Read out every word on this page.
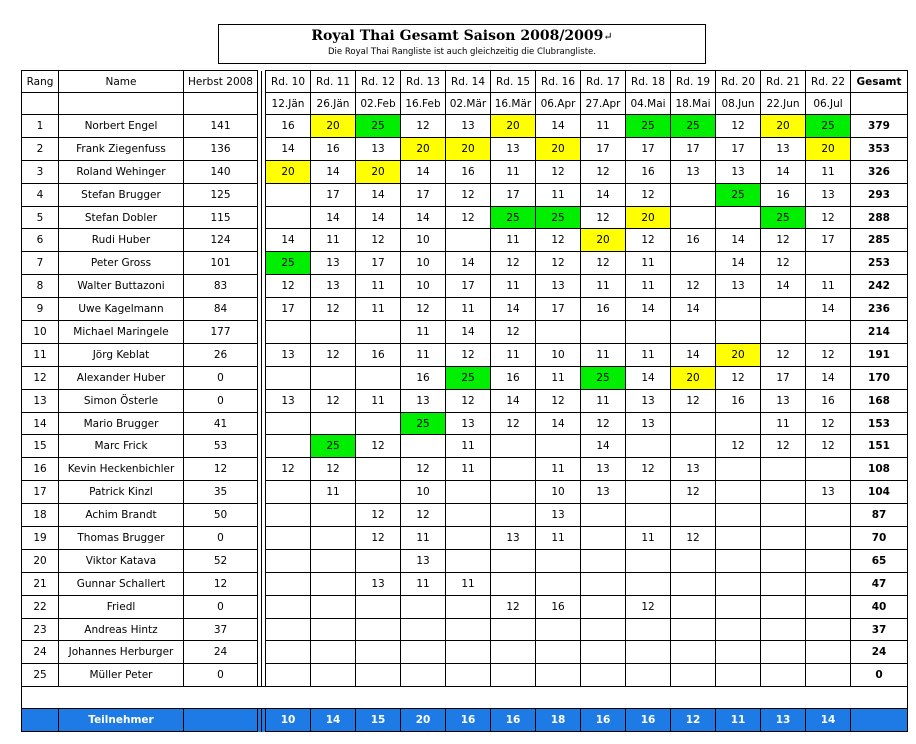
Royal Thai Gesamt Saison 2008/2009↵
Die Royal Thai Rangliste ist auch gleichzeitig die Clubrangliste.
Rang	Name	Herbst 2008			Rd. 10	Rd. 11	Rd. 12	Rd. 13	Rd. 14	Rd. 15	Rd. 16	Rd. 17	Rd. 18	Rd. 19	Rd. 20	Rd. 21	Rd. 22	Gesamt
					12.Jän	26.Jän	02.Feb	16.Feb	02.Mär	16.Mär	06.Apr	27.Apr	04.Mai	18.Mai	08.Jun	22.Jun	06.Jul	
1	Norbert Engel	141			16	20	25	12	13	20	14	11	25	25	12	20	25	379
2	Frank Ziegenfuss	136			14	16	13	20	20	13	20	17	17	17	17	13	20	353
3	Roland Wehinger	140			20	14	20	14	16	11	12	12	16	13	13	14	11	326
4	Stefan Brugger	125				17	14	17	12	17	11	14	12		25	16	13	293
5	Stefan Dobler	115				14	14	14	12	25	25	12	20			25	12	288
6	Rudi Huber	124			14	11	12	10		11	12	20	12	16	14	12	17	285
7	Peter Gross	101			25	13	17	10	14	12	12	12	11		14	12		253
8	Walter Buttazoni	83			12	13	11	10	17	11	13	11	11	12	13	14	11	242
9	Uwe Kagelmann	84			17	12	11	12	11	14	17	16	14	14			14	236
10	Michael Maringele	177						11	14	12								214
11	Jörg Keblat	26			13	12	16	11	12	11	10	11	11	14	20	12	12	191
12	Alexander Huber	0						16	25	16	11	25	14	20	12	17	14	170
13	Simon Österle	0			13	12	11	13	12	14	12	11	13	12	16	13	16	168
14	Mario Brugger	41						25	13	12	14	12	13			11	12	153
15	Marc Frick	53				25	12		11			14			12	12	12	151
16	Kevin Heckenbichler	12			12	12		12	11		11	13	12	13				108
17	Patrick Kinzl	35				11		10			10	13		12			13	104
18	Achim Brandt	50					12	12			13							87
19	Thomas Brugger	0					12	11		13	11		11	12				70
20	Viktor Katava	52						13										65
21	Gunnar Schallert	12					13	11	11									47
22	Friedl	0								12	16		12					40
23	Andreas Hintz	37																37
24	Johannes Herburger	24																24
25	Müller Peter	0																0

	Teilnehmer				10	14	15	20	16	16	18	16	16	12	11	13	14	
